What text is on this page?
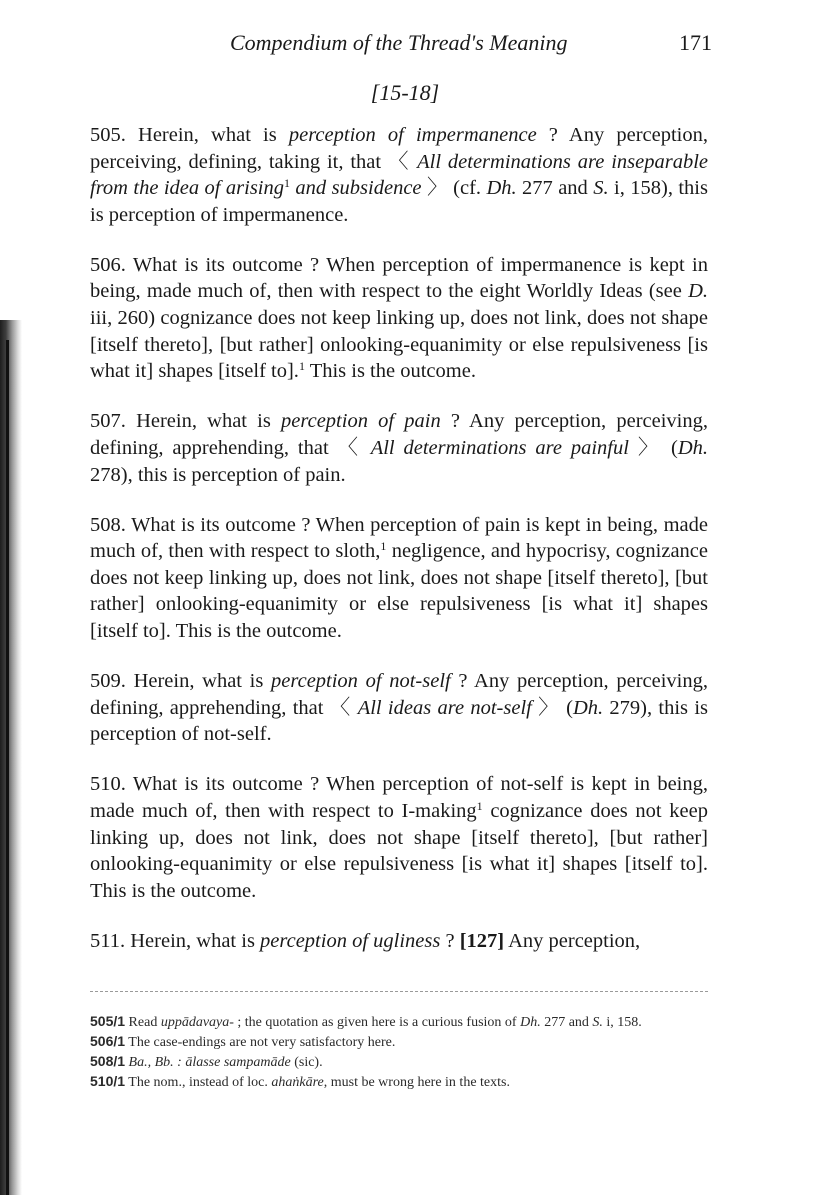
Compendium of the Thread's Meaning	171
[15-18]

505. Herein, what is perception of impermanence ? Any perception, perceiving, defining, taking it, that 〈 All determinations are inseparable from the idea of arising$^1$ and subsidence 〉 (cf. Dh. 277 and S. i, 158), this is perception of impermanence.

506. What is its outcome ? When perception of impermanence is kept in being, made much of, then with respect to the eight Worldly Ideas (see D. iii, 260) cognizance does not keep linking up, does not link, does not shape [itself thereto], [but rather] onlooking-equanimity or else repulsiveness [is what it] shapes [itself to].$^1$ This is the outcome.

507. Herein, what is perception of pain ? Any perception, perceiving, defining, apprehending, that 〈 All determinations are painful 〉 (Dh. 278), this is perception of pain.

508. What is its outcome ? When perception of pain is kept in being, made much of, then with respect to sloth,$^1$ negligence, and hypocrisy, cognizance does not keep linking up, does not link, does not shape [itself thereto], [but rather] onlooking-equanimity or else repulsiveness [is what it] shapes [itself to]. This is the outcome.

509. Herein, what is perception of not-self ? Any perception, perceiving, defining, apprehending, that 〈 All ideas are not-self 〉 (Dh. 279), this is perception of not-self.

510. What is its outcome ? When perception of not-self is kept in being, made much of, then with respect to I-making$^1$ cognizance does not keep linking up, does not link, does not shape [itself thereto], [but rather] onlooking-equanimity or else repulsiveness [is what it] shapes [itself to]. This is the outcome.

511. Herein, what is perception of ugliness ? [127] Any perception,

505/1 Read uppādavaya- ; the quotation as given here is a curious fusion of Dh. 277 and S. i, 158.

506/1 The case-endings are not very satisfactory here.

508/1 Ba., Bb. : ālasse sampamāde (sic).

510/1 The nom., instead of loc. ahaṅkāre, must be wrong here in the texts.
